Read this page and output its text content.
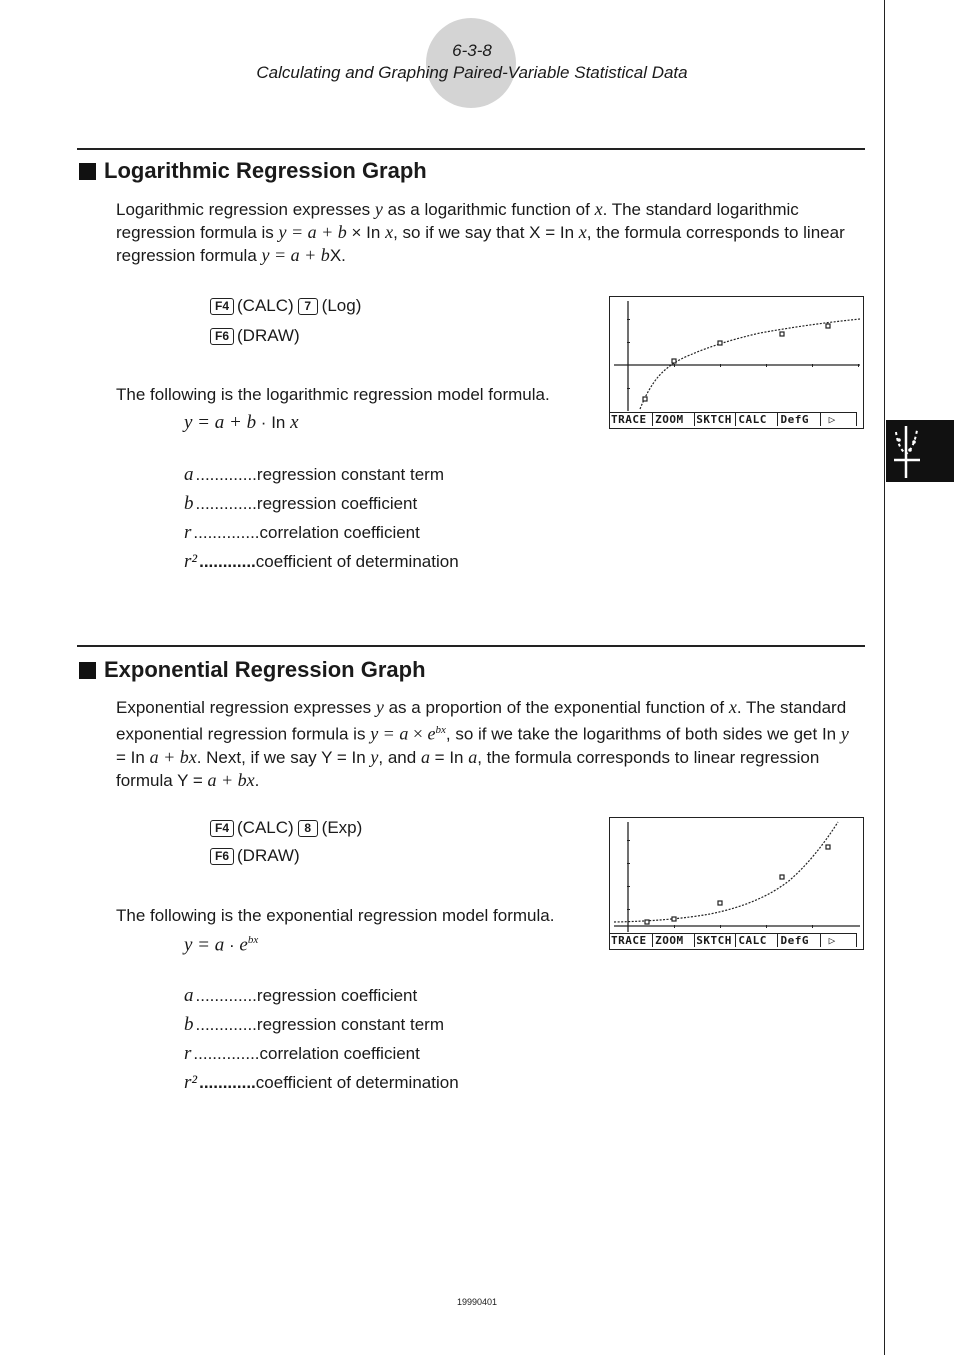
6-3-8
Calculating and Graphing Paired-Variable Statistical Data
Logarithmic Regression Graph
Logarithmic regression expresses y as a logarithmic function of x. The standard logarithmic regression formula is y = a + b × In x, so if we say that X = In x, the formula corresponds to linear regression formula y = a + bX.
F4 (CALC) 7 (Log)
F6 (DRAW)
The following is the logarithmic regression model formula.
y = a + b · In x
a ............. regression constant term
b ............. regression coefficient
r .............. correlation coefficient
r² ............ coefficient of determination
TRACE ZOOM	SKTCH CALC	DefG	▷
Exponential Regression Graph
Exponential regression expresses y as a proportion of the exponential function of x. The standard exponential regression formula is $y = a \times e^{bx}$, so if we take the logarithms of both sides we get In y = In a + bx. Next, if we say Y = In y, and a = In a, the formula corresponds to linear regression formula Y = a + bx.
F4 (CALC) 8 (Exp)
F6 (DRAW)
The following is the exponential regression model formula.
$y = a \cdot e^{bx}$
a ............. regression coefficient
b ............. regression constant term
r .............. correlation coefficient
r² ............ coefficient of determination
TRACE ZOOM	SKTCH CALC	DefG	▷
19990401
